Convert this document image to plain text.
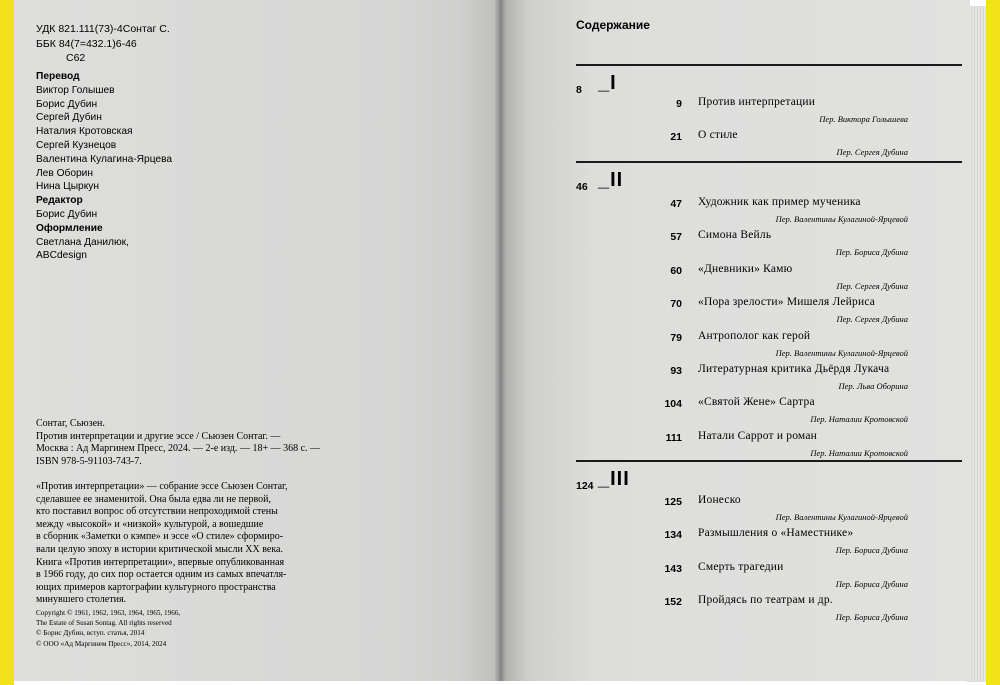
УДК 821.111(73)-4Сонтаг С.
ББК 84(7=432.1)6-46
С62
Перевод
Виктор Голышев
Борис Дубин
Сергей Дубин
Наталия Кротовская
Сергей Кузнецов
Валентина Кулагина-Ярцева
Лев Оборин
Нина Цыркун
Редактор
Борис Дубин
Оформление
Светлана Данилюк,
ABCdesign
Сонтаг, Сьюзен.
Против интерпретации и другие эссе / Сьюзен Сонтаг. —
Москва : Ад Маргинем Пресс, 2024. — 2-е изд. — 18+ — 368 с. —
ISBN 978-5-91103-743-7.
«Против интерпретации» — собрание эссе Сьюзен Сонтаг,
сделавшее ее знаменитой. Она была едва ли не первой,
кто поставил вопрос об отсутствии непроходимой стены
между «высокой» и «низкой» культурой, а вошедшие
в сборник «Заметки о кэмпе» и эссе «О стиле» сформиро-
вали целую эпоху в истории критической мысли XX века.
Книга «Против интерпретации», впервые опубликованная
в 1966 году, до сих пор остается одним из самых впечатля-
ющих примеров картографии культурного пространства
минувшего столетия.
Copyright © 1961, 1962, 1963, 1964, 1965, 1966,
The Estate of Susan Sontag. All rights reserved
© Борис Дубин, вступ. статья, 2014
© ООО «Ад Маргинем Пресс», 2014, 2024
Содержание
8 _I
9 Против интерпретации
Пер. Виктора Голышева
21 О стиле
Пер. Сергея Дубина
46 _II
47 Художник как пример мученика
Пер. Валентины Кулагиной-Ярцевой
57 Симона Вейль
Пер. Бориса Дубина
60 «Дневники» Камю
Пер. Сергея Дубина
70 «Пора зрелости» Мишеля Лейриса
Пер. Сергея Дубина
79 Антрополог как герой
Пер. Валентины Кулагиной-Ярцевой
93 Литературная критика Дьёрдя Лукача
Пер. Льва Оборина
104 «Святой Жене» Сартра
Пер. Наталии Кротовской
111 Натали Саррот и роман
Пер. Наталии Кротовской
124 _III
125 Ионеско
Пер. Валентины Кулагиной-Ярцевой
134 Размышления о «Наместнике»
Пер. Бориса Дубина
143 Смерть трагедии
Пер. Бориса Дубина
152 Пройдясь по театрам и др.
Пер. Бориса Дубина
